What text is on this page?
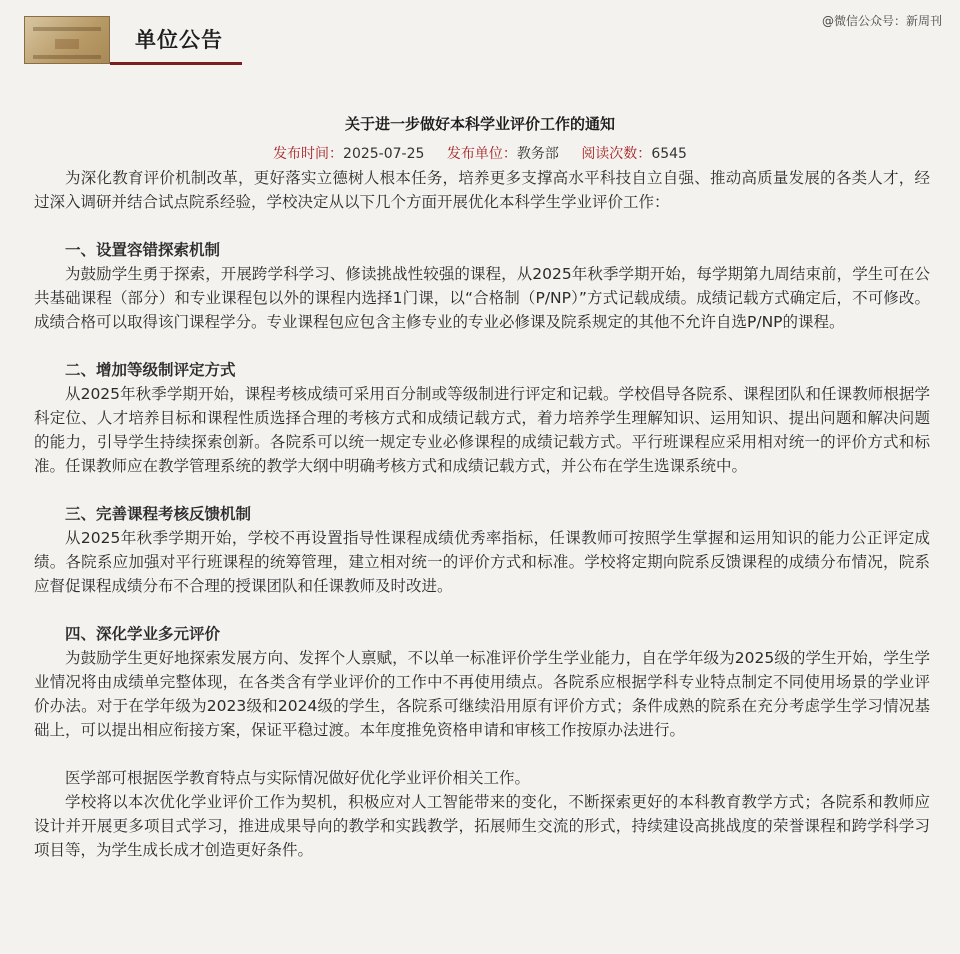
单位公告
@微信公众号：新周刊
关于进一步做好本科学业评价工作的通知
发布时间：2025-07-25 发布单位：教务部 阅读次数：6545

为深化教育评价机制改革，更好落实立德树人根本任务，培养更多支撑高水平科技自立自强、推动高质量发展的各类人才，经过深入调研并结合试点院系经验，学校决定从以下几个方面开展优化本科学生学业评价工作：

一、设置容错探索机制

为鼓励学生勇于探索，开展跨学科学习、修读挑战性较强的课程，从2025年秋季学期开始，每学期第九周结束前，学生可在公共基础课程（部分）和专业课程包以外的课程内选择1门课，以“合格制（P/NP）”方式记载成绩。成绩记载方式确定后，不可修改。成绩合格可以取得该门课程学分。专业课程包应包含主修专业的专业必修课及院系规定的其他不允许自选P/NP的课程。

二、增加等级制评定方式

从2025年秋季学期开始，课程考核成绩可采用百分制或等级制进行评定和记载。学校倡导各院系、课程团队和任课教师根据学科定位、人才培养目标和课程性质选择合理的考核方式和成绩记载方式，着力培养学生理解知识、运用知识、提出问题和解决问题的能力，引导学生持续探索创新。各院系可以统一规定专业必修课程的成绩记载方式。平行班课程应采用相对统一的评价方式和标准。任课教师应在教学管理系统的教学大纲中明确考核方式和成绩记载方式，并公布在学生选课系统中。

三、完善课程考核反馈机制

从2025年秋季学期开始，学校不再设置指导性课程成绩优秀率指标，任课教师可按照学生掌握和运用知识的能力公正评定成绩。各院系应加强对平行班课程的统筹管理，建立相对统一的评价方式和标准。学校将定期向院系反馈课程的成绩分布情况，院系应督促课程成绩分布不合理的授课团队和任课教师及时改进。

四、深化学业多元评价

为鼓励学生更好地探索发展方向、发挥个人禀赋，不以单一标准评价学生学业能力，自在学年级为2025级的学生开始，学生学业情况将由成绩单完整体现，在各类含有学业评价的工作中不再使用绩点。各院系应根据学科专业特点制定不同使用场景的学业评价办法。对于在学年级为2023级和2024级的学生，各院系可继续沿用原有评价方式；条件成熟的院系在充分考虑学生学习情况基础上，可以提出相应衔接方案，保证平稳过渡。本年度推免资格申请和审核工作按原办法进行。

医学部可根据医学教育特点与实际情况做好优化学业评价相关工作。

学校将以本次优化学业评价工作为契机，积极应对人工智能带来的变化，不断探索更好的本科教育教学方式；各院系和教师应设计并开展更多项目式学习，推进成果导向的教学和实践教学，拓展师生交流的形式，持续建设高挑战度的荣誉课程和跨学科学习项目等，为学生成长成才创造更好条件。
